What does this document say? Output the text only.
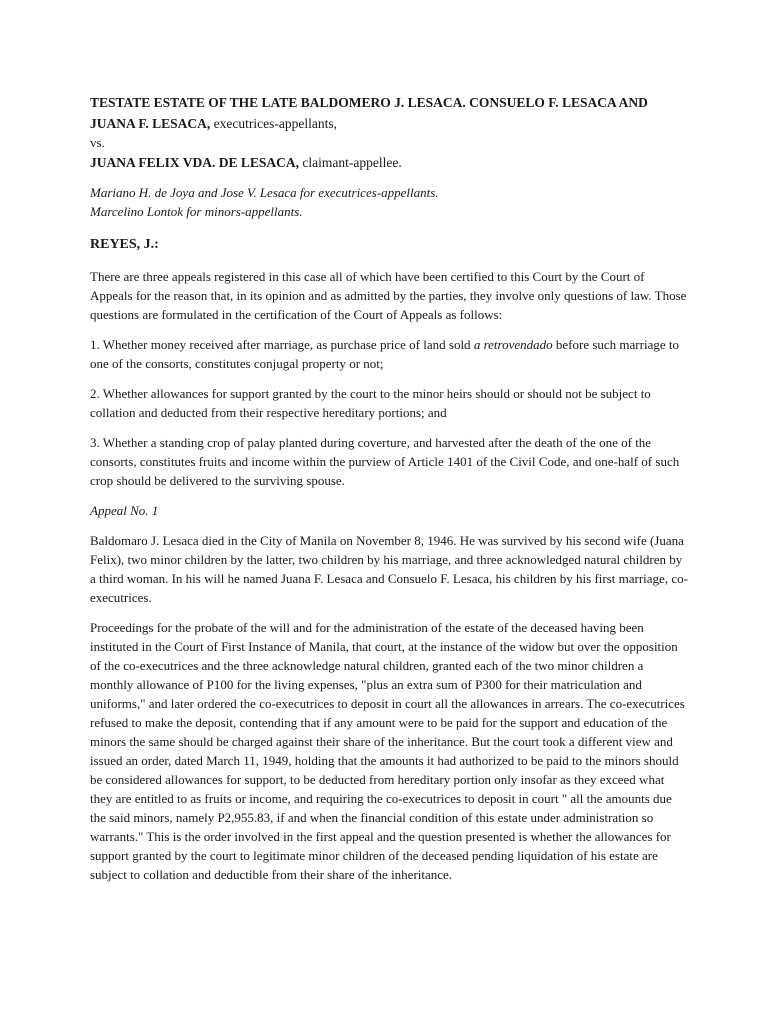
TESTATE ESTATE OF THE LATE BALDOMERO J. LESACA. CONSUELO F. LESACA AND

JUANA F. LESACA, executrices-appellants,

vs.

JUANA FELIX VDA. DE LESACA, claimant-appellee.

Mariano H. de Joya and Jose V. Lesaca for executrices-appellants.
Marcelino Lontok for minors-appellants.
REYES, J.:

There are three appeals registered in this case all of which have been certified to this Court by the Court of Appeals for the reason that, in its opinion and as admitted by the parties, they involve only questions of law. Those questions are formulated in the certification of the Court of Appeals as follows:

1. Whether money received after marriage, as purchase price of land sold a retrovendado before such marriage to one of the consorts, constitutes conjugal property or not;

2. Whether allowances for support granted by the court to the minor heirs should or should not be subject to collation and deducted from their respective hereditary portions; and

3. Whether a standing crop of palay planted during coverture, and harvested after the death of the one of the consorts, constitutes fruits and income within the purview of Article 1401 of the Civil Code, and one-half of such crop should be delivered to the surviving spouse.

Appeal No. 1

Baldomaro J. Lesaca died in the City of Manila on November 8, 1946. He was survived by his second wife (Juana Felix), two minor children by the latter, two children by his marriage, and three acknowledged natural children by a third woman. In his will he named Juana F. Lesaca and Consuelo F. Lesaca, his children by his first marriage, co-executrices.

Proceedings for the probate of the will and for the administration of the estate of the deceased having been instituted in the Court of First Instance of Manila, that court, at the instance of the widow but over the opposition of the co-executrices and the three acknowledge natural children, granted each of the two minor children a monthly allowance of P100 for the living expenses, "plus an extra sum of P300 for their matriculation and uniforms," and later ordered the co-executrices to deposit in court all the allowances in arrears. The co-executrices refused to make the deposit, contending that if any amount were to be paid for the support and education of the minors the same should be charged against their share of the inheritance. But the court took a different view and issued an order, dated March 11, 1949, holding that the amounts it had authorized to be paid to the minors should be considered allowances for support, to be deducted from hereditary portion only insofar as they exceed what they are entitled to as fruits or income, and requiring the co-executrices to deposit in court " all the amounts due the said minors, namely P2,955.83, if and when the financial condition of this estate under administration so warrants." This is the order involved in the first appeal and the question presented is whether the allowances for support granted by the court to legitimate minor children of the deceased pending liquidation of his estate are subject to collation and deductible from their share of the inheritance.
